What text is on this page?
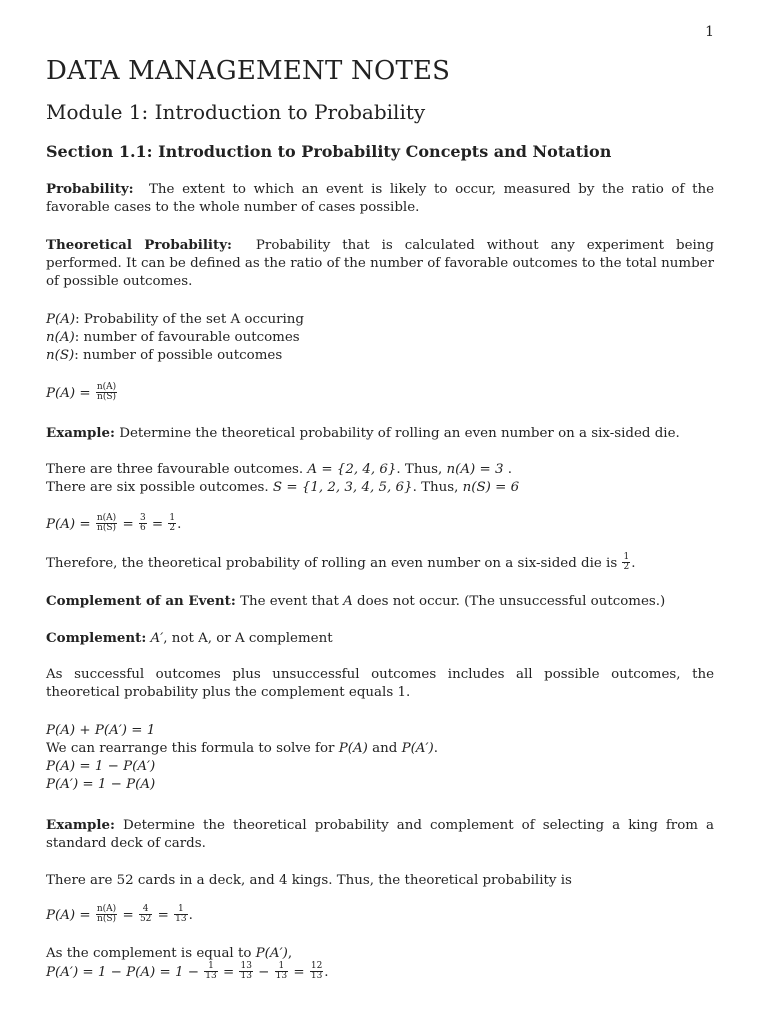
1
DATA MANAGEMENT NOTES
Module 1: Introduction to Probability
Section 1.1: Introduction to Probability Concepts and Notation

Probability: The extent to which an event is likely to occur, measured by the ratio of the favorable cases to the whole number of cases possible.

Theoretical Probability: Probability that is calculated without any experiment being performed. It can be defined as the ratio of the number of favorable outcomes to the total number of possible outcomes.

P(A): Probability of the set A occuring

n(A): number of favourable outcomes

n(S): number of possible outcomes

$P(A) = \frac{n(A)}{n(S)}$

Example: Determine the theoretical probability of rolling an even number on a six-sided die.

There are three favourable outcomes. A = {2, 4, 6}. Thus, n(A) = 3 .

There are six possible outcomes. S = {1, 2, 3, 4, 5, 6}. Thus, n(S) = 6

$P(A) = \frac{n(A)}{n(S)} = \frac{3}{6} = \frac{1}{2}$ .

Therefore, the theoretical probability of rolling an even number on a six-sided die is $\frac{1}{2}$ .

Complement of an Event: The event that A does not occur. (The unsuccessful outcomes.)

Complement: A′, not A, or A complement

As successful outcomes plus unsuccessful outcomes includes all possible outcomes, the theoretical probability plus the complement equals 1.

P(A) + P(A′) = 1

We can rearrange this formula to solve for P(A) and P(A′).

P(A) = 1 − P(A′)

P(A′) = 1 − P(A)

Example: Determine the theoretical probability and complement of selecting a king from a standard deck of cards.

There are 52 cards in a deck, and 4 kings. Thus, the theoretical probability is

$P(A) = \frac{n(A)}{n(S)} = \frac{4}{52} = \frac{1}{13}$ .

As the complement is equal to P(A′),

$P(A') = 1 - P(A) = 1 - \frac{1}{13} = \frac{13}{13} - \frac{1}{13} = \frac{12}{13}$ .
